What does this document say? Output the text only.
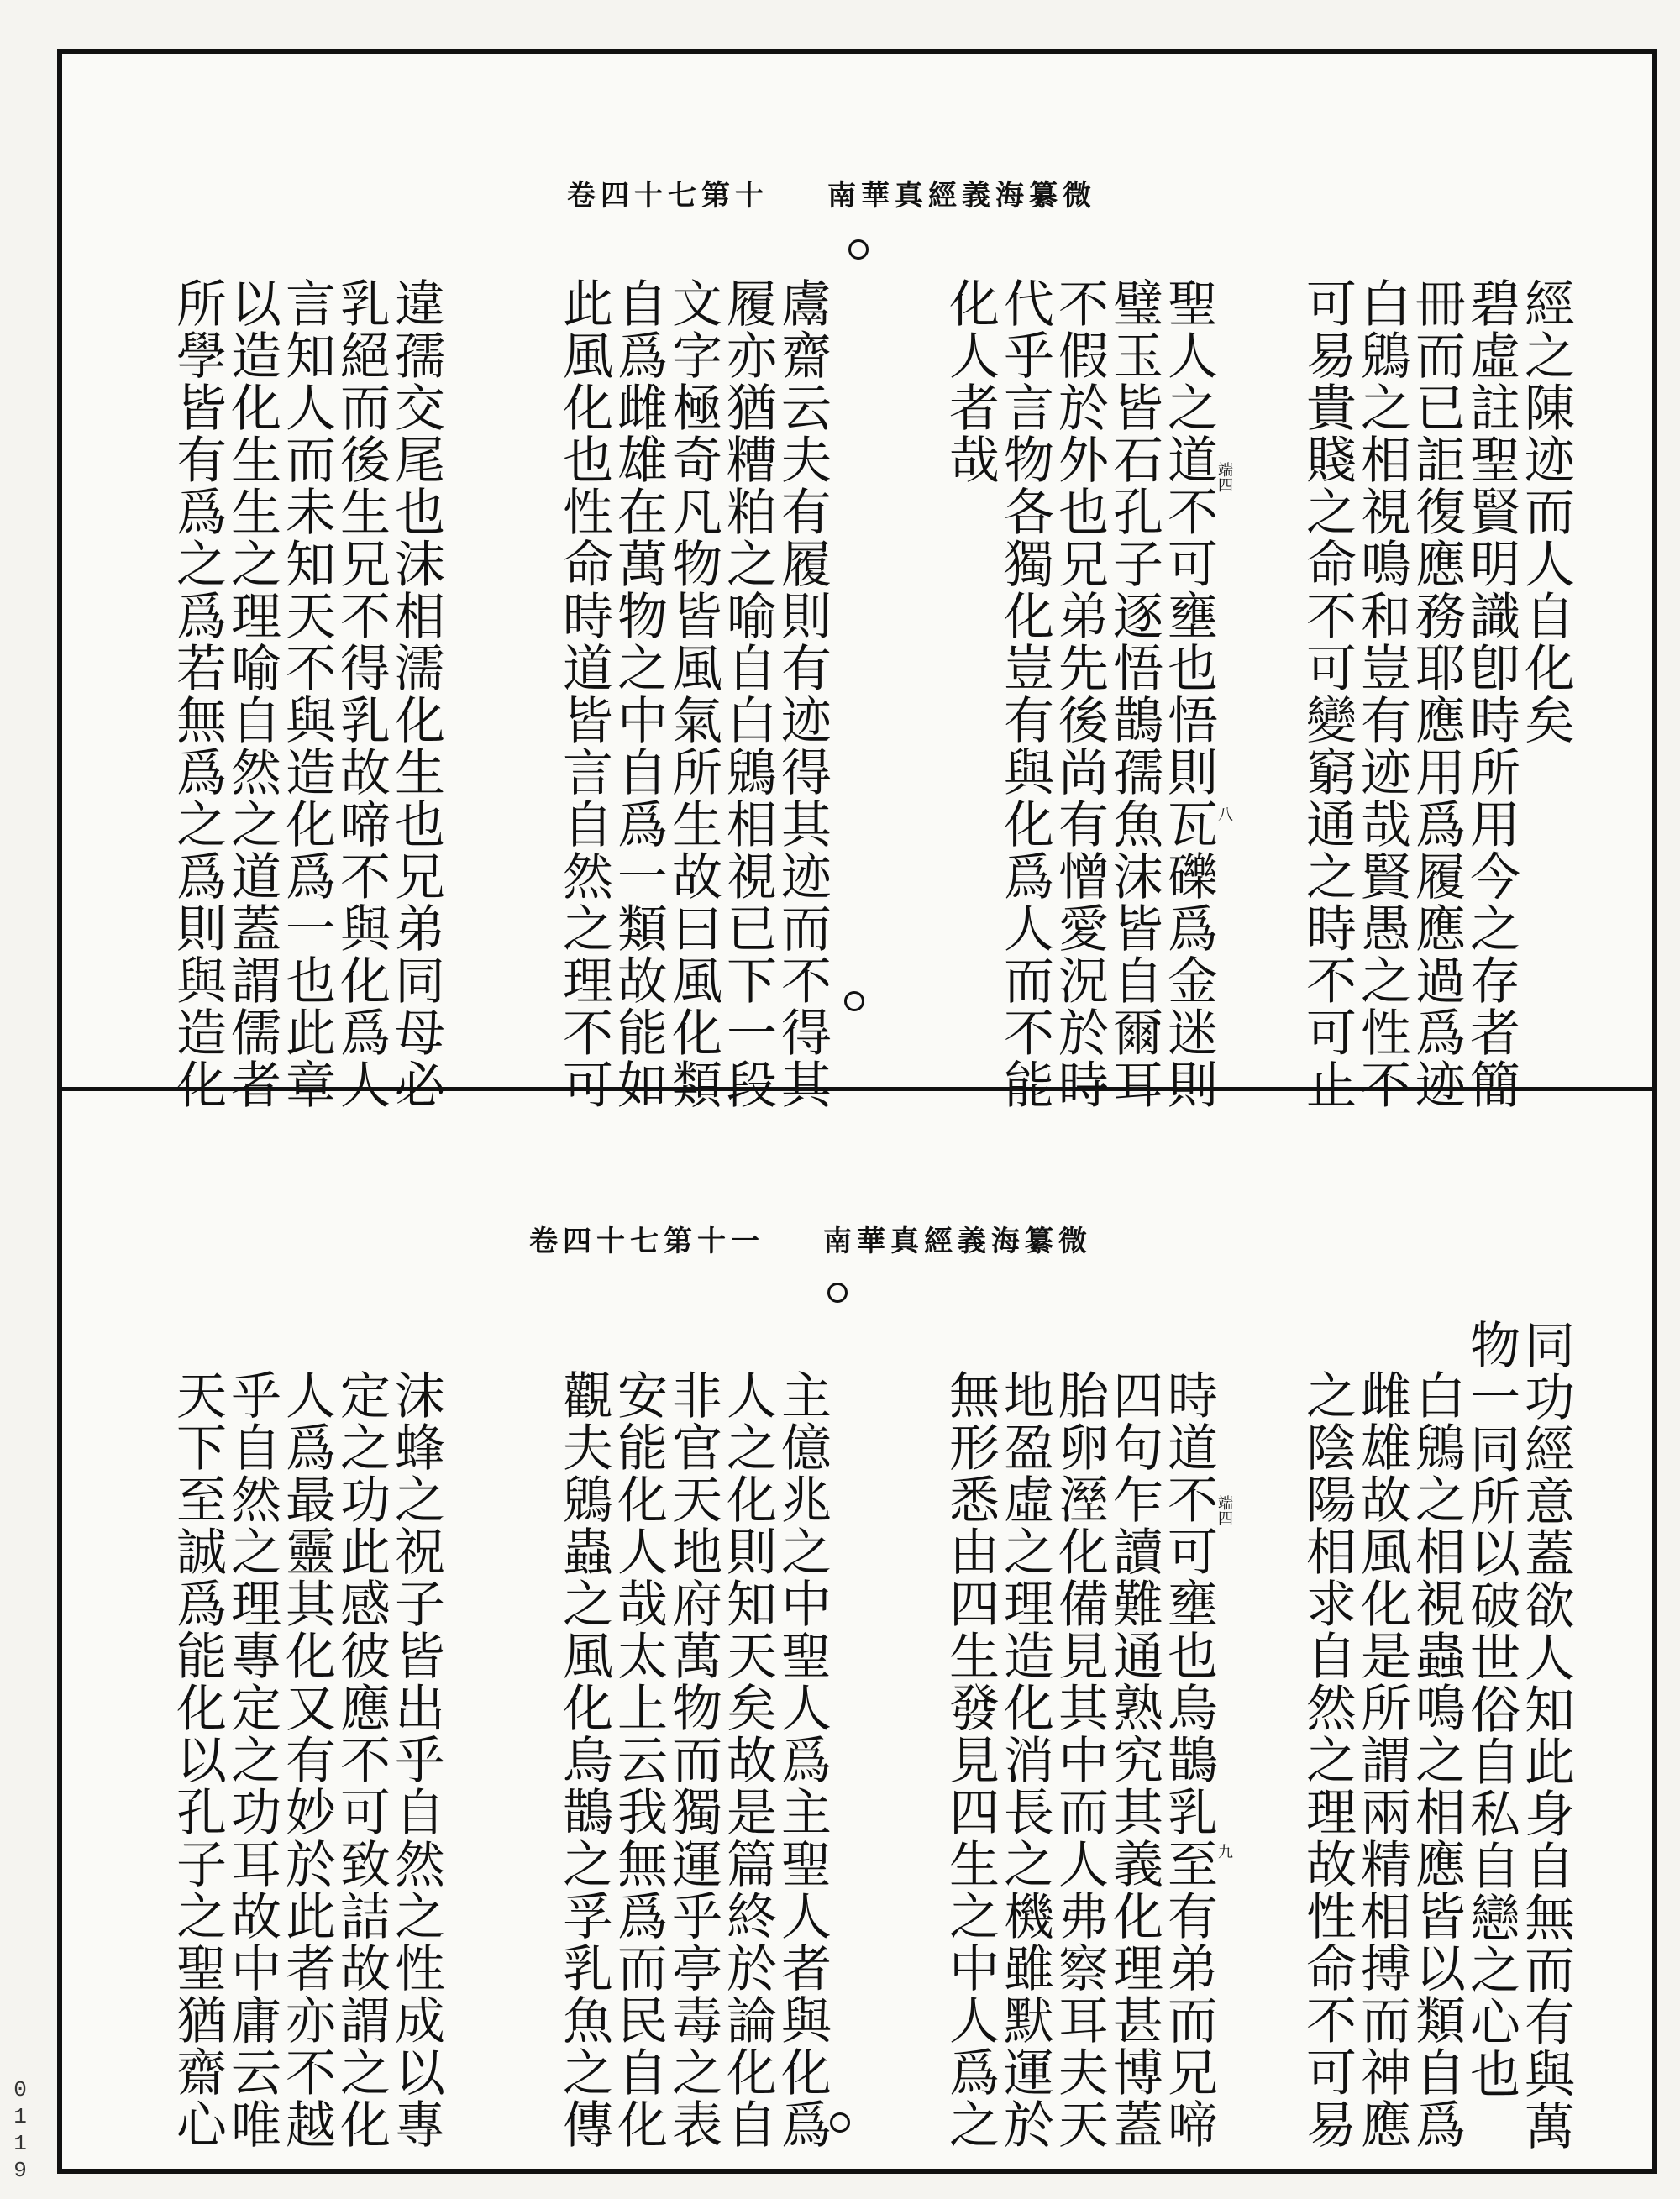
卷四十七第十 南華真經義海纂微
經之陳迹而人自化矣
碧虛註聖賢明識卽時所用今之存者簡
冊而已詎復應務耶應用爲履應過爲迹
白鶂之相視鳴和豈有迹哉賢愚之性不
可易貴賤之命不可變窮通之時不可止
聖人之道不可壅也悟則瓦礫爲金迷則
璧玉皆石孔子逐悟鵲孺魚沫皆自爾耳
不假於外也兄弟先後尚有憎愛況於時
代乎言物各獨化豈有與化爲人而不能
化人者哉
鬳齋云夫有履則有迹得其迹而不得其
履亦猶糟粕之喻自白鶂相視已下一段
文字極奇凡物皆風氣所生故曰風化類
自爲雌雄在萬物之中自爲一類故能如
此風化也性命時道皆言自然之理不可
違孺交尾也沫相濡化生也兄弟同母必
乳絕而後生兄不得乳故啼不與化爲人
言知人而未知天不與造化爲一也此章
以造化生生之理喻自然之道蓋謂儒者
所學皆有爲之爲若無爲之爲則與造化	端四
八
卷四十七第十一 南華真經義海纂微
同功經意蓋欲人知此身自無而有與萬
物一同所以破世俗自私自戀之心也
白鶂之相視蟲鳴之相應皆以類自爲
雌雄故風化是所謂兩精相搏而神應
之陰陽相求自然之理故性命不可易
時道不可壅也烏鵲乳至有弟而兄啼
四句乍讀難通熟究其義化理甚博蓋
胎卵溼化備見其中而人弗察耳夫天
地盈虛之理造化消長之機雖默運於
無形悉由四生發見四生之中人爲之
主億兆之中聖人爲主聖人者與化爲
人之化則知天矣故是篇終於論化自
非官天地府萬物而獨運乎亭毒之表
安能化人哉太上云我無爲而民自化
觀夫鶂蟲之風化烏鵲之孚乳魚之傳
沫蜂之祝子皆出乎自然之性成以專
定之功此感彼應不可致詰故謂之化
人爲最靈其化又有妙於此者亦不越
乎自然之理專定之功耳故中庸云唯
天下至誠爲能化以孔子之聖猶齋心	端四
九
0119
